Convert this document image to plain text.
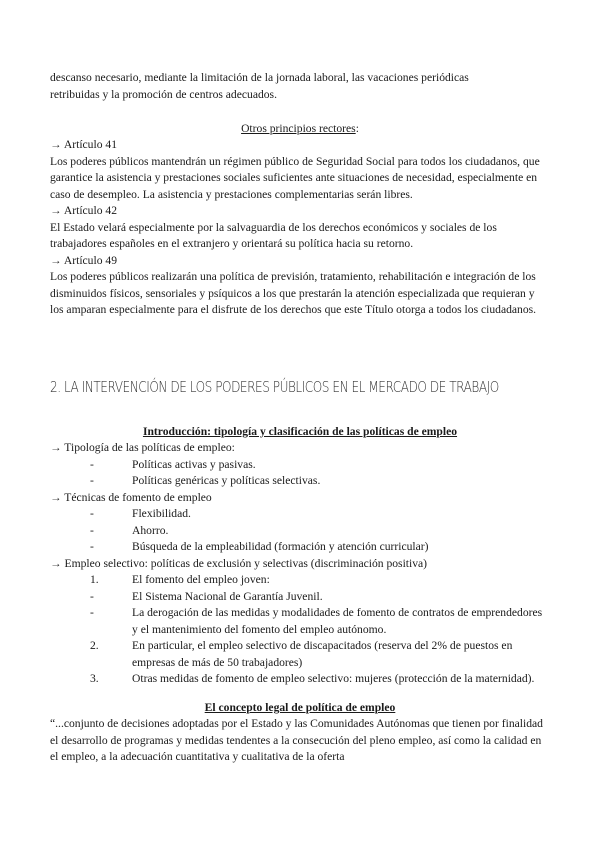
descanso necesario, mediante la limitación de la jornada laboral, las vacaciones periódicas
retribuidas y la promoción de centros adecuados.
Otros principios rectores:
→ Artículo 41
Los poderes públicos mantendrán un régimen público de Seguridad Social para todos los ciudadanos, que garantice la asistencia y prestaciones sociales suficientes ante situaciones de necesidad, especialmente en caso de desempleo. La asistencia y prestaciones complementarias serán libres.
→ Artículo 42
El Estado velará especialmente por la salvaguardia de los derechos económicos y sociales de los trabajadores españoles en el extranjero y orientará su política hacia su retorno.
→ Artículo 49
Los poderes públicos realizarán una política de previsión, tratamiento, rehabilitación e integración de los disminuidos físicos, sensoriales y psíquicos a los que prestarán la atención especializada que requieran y los amparan especialmente para el disfrute de los derechos que este Título otorga a todos los ciudadanos.
2. LA INTERVENCIÓN DE LOS PODERES PÚBLICOS EN EL MERCADO DE TRABAJO
Introducción: tipología y clasificación de las políticas de empleo
→ Tipología de las políticas de empleo:
-	Políticas activas y pasivas.
-	Políticas genéricas y políticas selectivas.
→ Técnicas de fomento de empleo
-	Flexibilidad.
-	Ahorro.
-	Búsqueda de la empleabilidad (formación y atención curricular)
→ Empleo selectivo: políticas de exclusión y selectivas (discriminación positiva)
1.	El fomento del empleo joven:
-	El Sistema Nacional de Garantía Juvenil.
-	La derogación de las medidas y modalidades de fomento de contratos de emprendedores y el mantenimiento del fomento del empleo autónomo.
2.	En particular, el empleo selectivo de discapacitados (reserva del 2% de puestos en empresas de más de 50 trabajadores)
3.	Otras medidas de fomento de empleo selectivo: mujeres (protección de la maternidad).
El concepto legal de política de empleo
“...conjunto de decisiones adoptadas por el Estado y las Comunidades Autónomas que tienen por finalidad el desarrollo de programas y medidas tendentes a la consecución del pleno empleo, así como la calidad en el empleo, a la adecuación cuantitativa y cualitativa de la oferta
